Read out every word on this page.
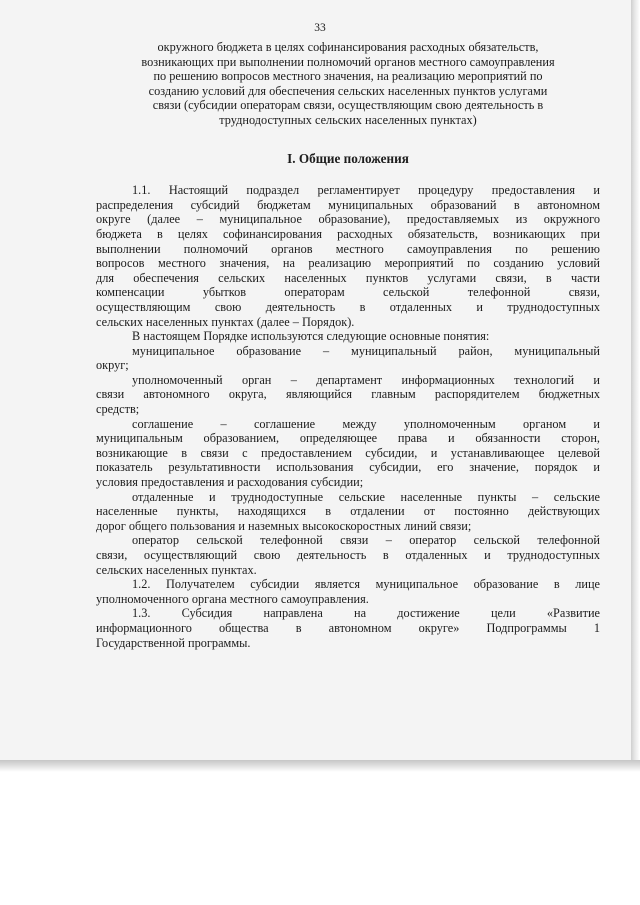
33
окружного бюджета в целях софинансирования расходных обязательств,
возникающих при выполнении полномочий органов местного самоуправления
по решению вопросов местного значения, на реализацию мероприятий по
созданию условий для обеспечения сельских населенных пунктов услугами
связи (субсидии операторам связи, осуществляющим свою деятельность в
труднодоступных сельских населенных пунктах)
I. Общие положения
1.1. Настоящий подраздел регламентирует процедуру предоставления и
распределения субсидий бюджетам муниципальных образований в автономном
округе (далее – муниципальное образование), предоставляемых из окружного
бюджета в целях софинансирования расходных обязательств, возникающих при
выполнении полномочий органов местного самоуправления по решению
вопросов местного значения, на реализацию мероприятий по созданию условий
для обеспечения сельских населенных пунктов услугами связи, в части
компенсации убытков операторам сельской телефонной связи,
осуществляющим свою деятельность в отдаленных и труднодоступных
сельских населенных пунктах (далее – Порядок).
В настоящем Порядке используются следующие основные понятия:
муниципальное образование – муниципальный район, муниципальный
округ;
уполномоченный орган – департамент информационных технологий и
связи автономного округа, являющийся главным распорядителем бюджетных
средств;
соглашение – соглашение между уполномоченным органом и
муниципальным образованием, определяющее права и обязанности сторон,
возникающие в связи с предоставлением субсидии, и устанавливающее целевой
показатель результативности использования субсидии, его значение, порядок и
условия предоставления и расходования субсидии;
отдаленные и труднодоступные сельские населенные пункты – сельские
населенные пункты, находящихся в отдалении от постоянно действующих
дорог общего пользования и наземных высокоскоростных линий связи;
оператор сельской телефонной связи – оператор сельской телефонной
связи, осуществляющий свою деятельность в отдаленных и труднодоступных
сельских населенных пунктах.
1.2. Получателем субсидии является муниципальное образование в лице
уполномоченного органа местного самоуправления.
1.3. Субсидия направлена на достижение цели «Развитие
информационного общества в автономном округе» Подпрограммы 1
Государственной программы.
